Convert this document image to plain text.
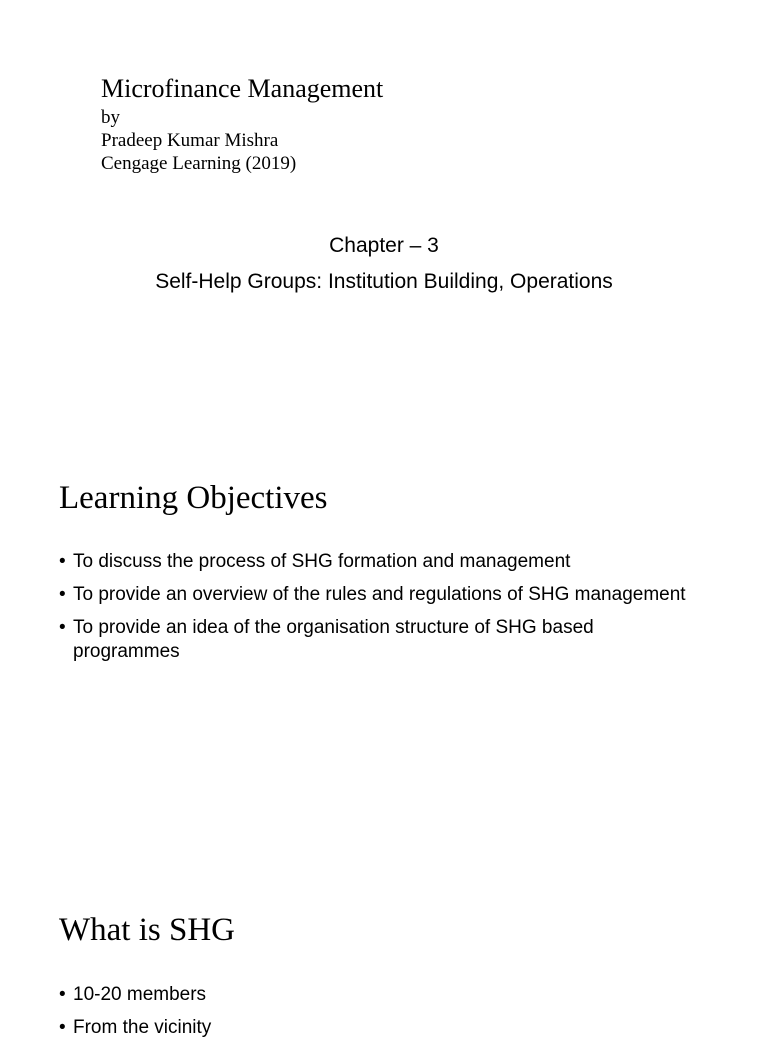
Microfinance Management

by

Pradeep Kumar Mishra

Cengage Learning (2019)

Chapter – 3

Self-Help Groups: Institution Building, Operations

Learning Objectives
• To discuss the process of SHG formation and management
• To provide an overview of the rules and regulations of SHG management
• To provide an idea of the organisation structure of SHG based programmes
What is SHG
• 10-20 members
• From the vicinity
